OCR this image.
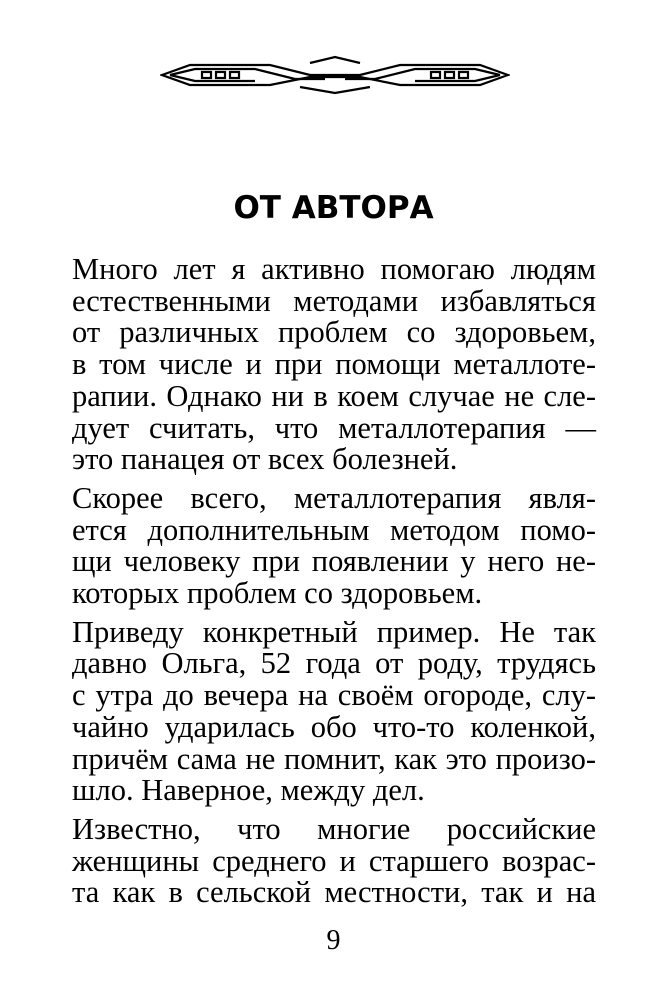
ОТ АВТОРА
Много лет я активно помогаю людям
естественными методами избавляться
от различных проблем со здоровьем,
в том числе и при помощи металлоте-
рапии. Однако ни в коем случае не сле-
дует считать, что металлотерапия —
это панацея от всех болезней.
Скорее всего, металлотерапия явля-
ется дополнительным методом помо-
щи человеку при появлении у него не-
которых проблем со здоровьем.
Приведу конкретный пример. Не так
давно Ольга, 52 года от роду, трудясь
с утра до вечера на своём огороде, слу-
чайно ударилась обо что-то коленкой,
причём сама не помнит, как это произо-
шло. Наверное, между дел.
Известно, что многие российские
женщины среднего и старшего возрас-
та как в сельской местности, так и на
9
